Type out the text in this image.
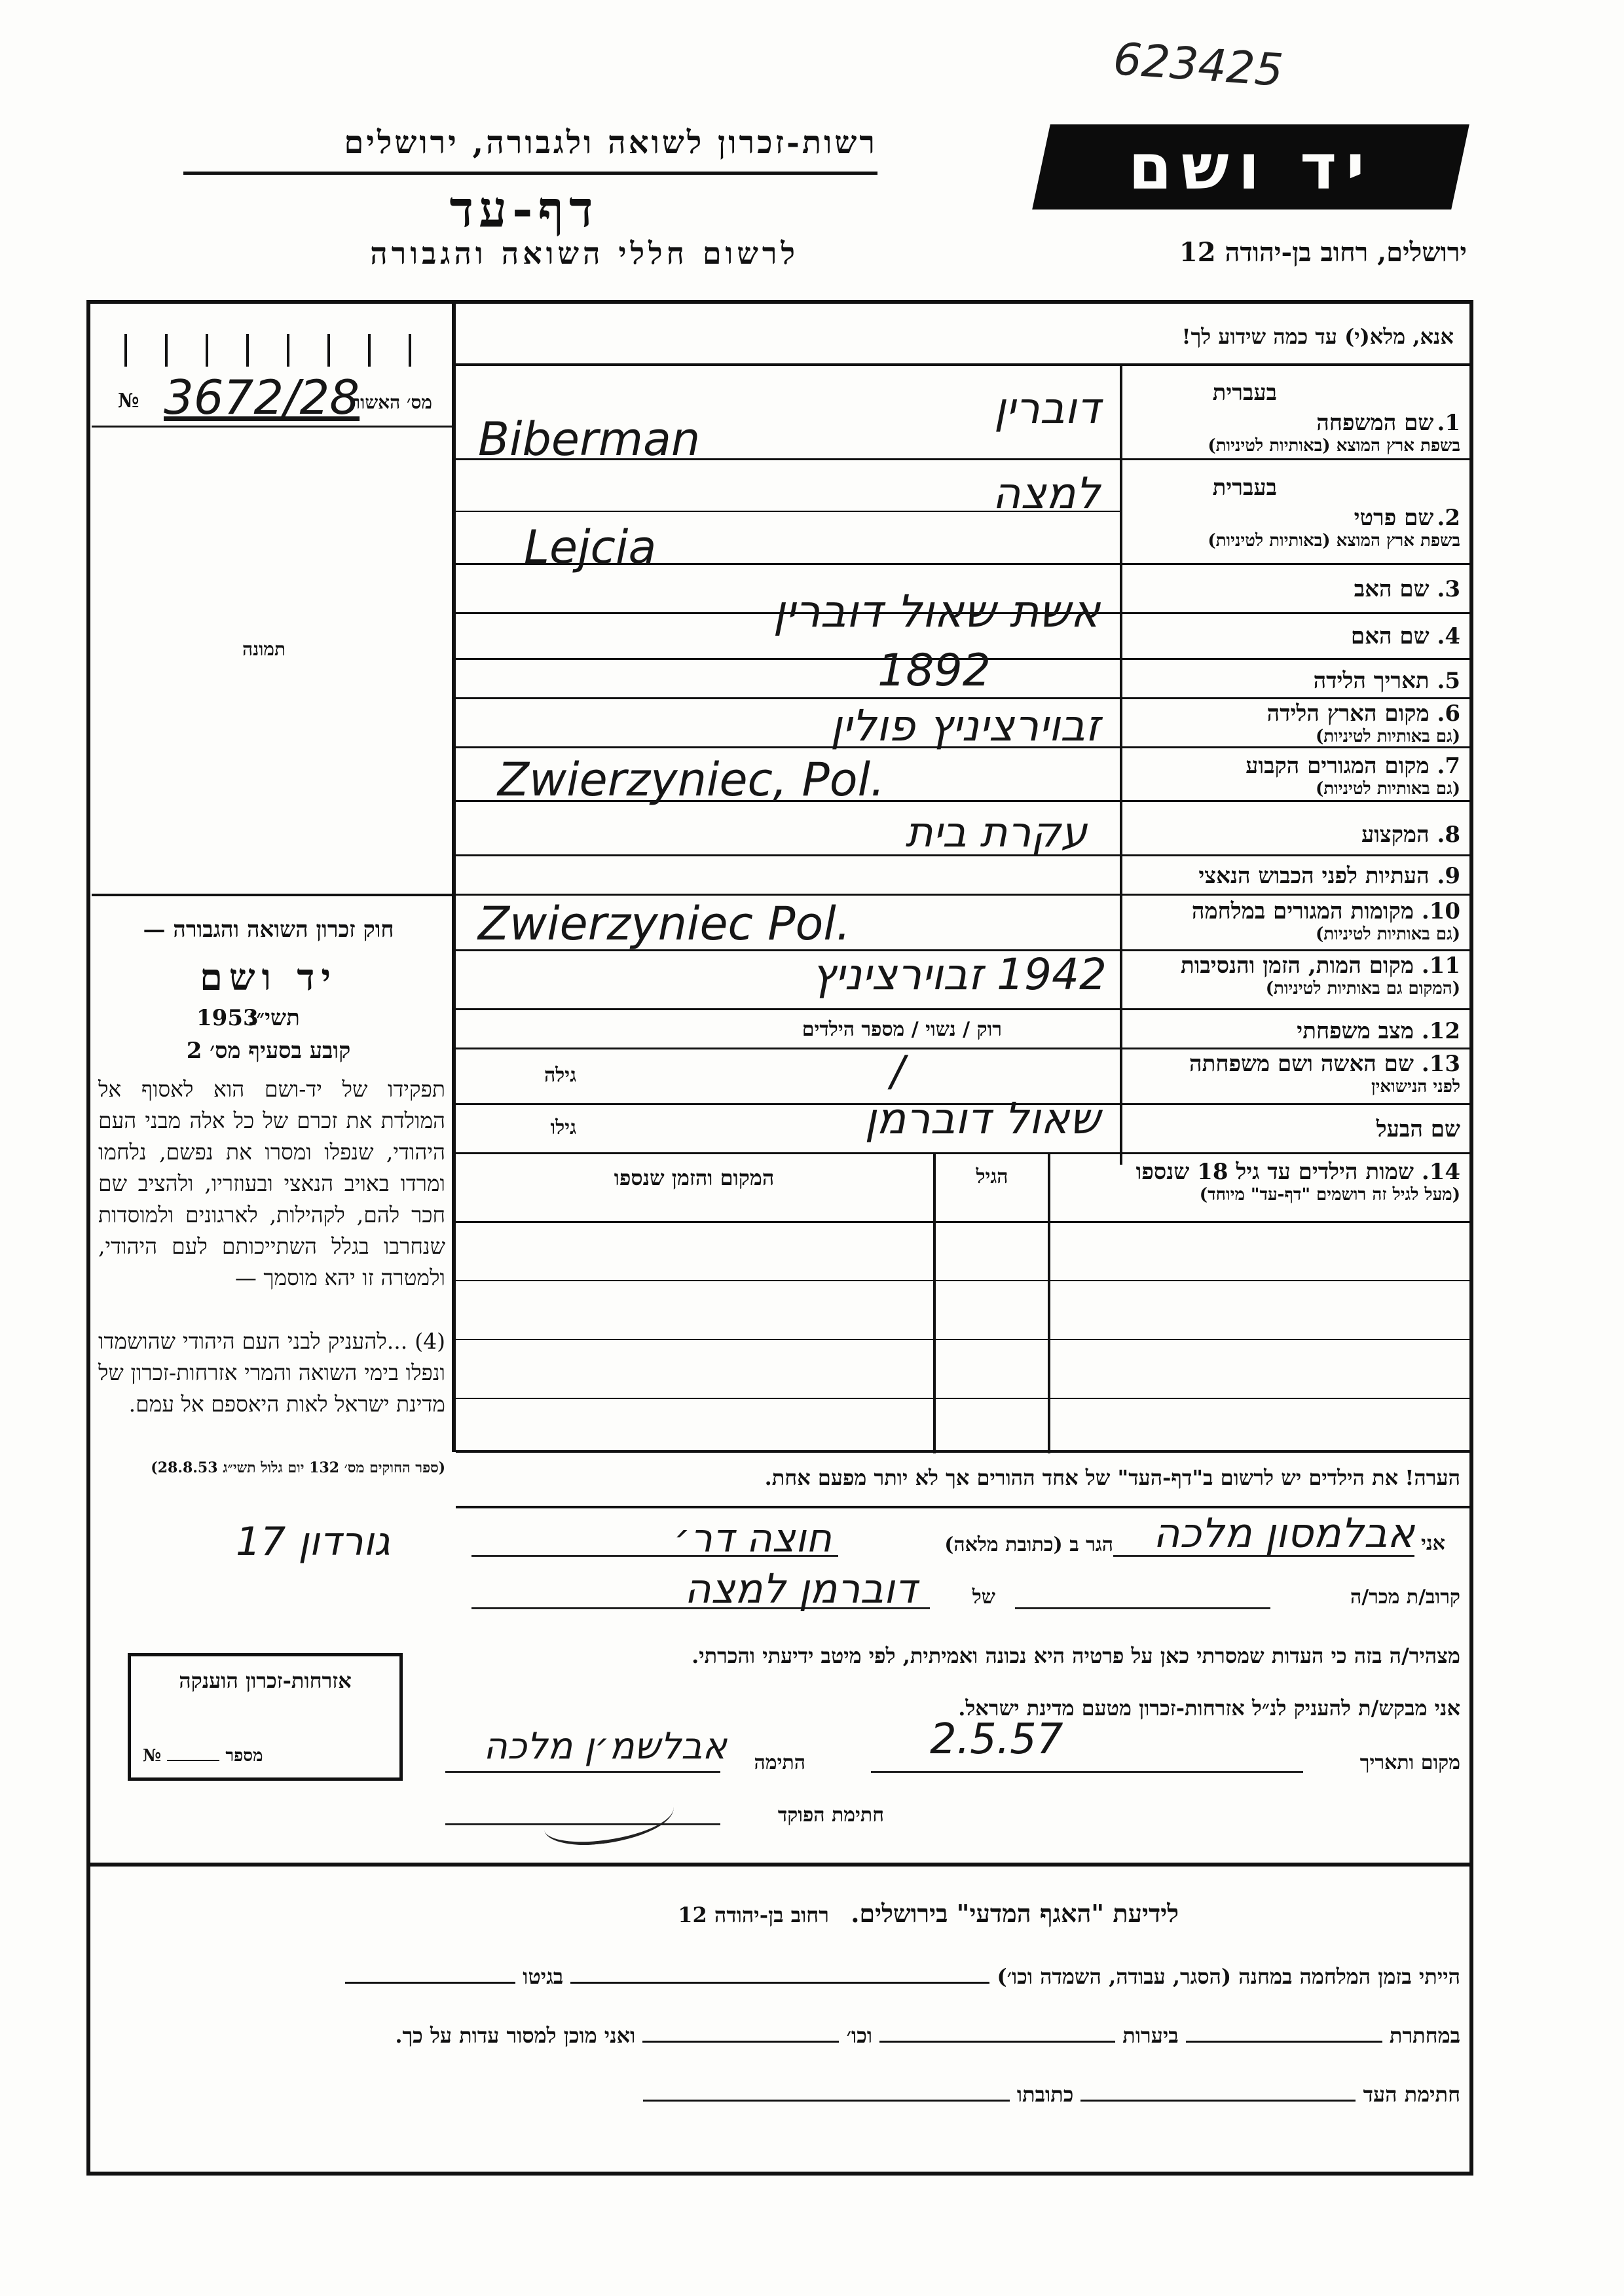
623425
רשות-זכרון לשואה ולגבורה, ירושלים
דף-עד
לרשום חללי השואה והגבורה
יד ושם
ירושלים, רחוב בן-יהודה 12
מס׳ האשור
№ 3672/28
תמונה
חוק זכרון השואה והגבורה —
יד ושם
תשי״ג
1953
קובע בסעיף מס׳ 2
תפקידו של יד-ושם הוא לאסוף אל המולדת את זכרם של כל אלה מבני העם היהודי, שנפלו ומסרו את נפשם, נלחמו ומרדו באויב הנאצי ובעוזריו, ולהציב שם חכר להם, לקהילות, לארגונים ולמוסדות שנחרבו בגלל השתייכותם לעם היהודי, ולמטרה זו יהא מוסמך —
(4) ...להעניק לבני העם היהודי שהושמדו ונפלו בימי השואה והמרי אזרחות-זכרון של מדינת ישראל לאות היאספם אל עמם.
(ספר החוקים מס׳ 132 יום גלול תשי״ג 28.8.53)
אנא, מלא(י) עד כמה שידוע לך!
בעברית
1. שם המשפחה
בשפת ארץ המוצא (באותיות לטיניות)
דוברין
Biberman
בעברית
2. שם פרטי
בשפת ארץ המוצא (באותיות לטיניות)
למצה
Lejcia
3. שם האב
4. שם האם
אשת שאול דוברין
5. תאריך הלידה
1892
6. מקום הארץ הלידה
(גם באותיות לטיניות)
זבוירציניץ פולין
7. מקום המגורים הקבוע
(גם באותיות לטיניות)
Zwierzyniec, Pol.
8. המקצוע
עקרת בית
9. העתיות לפני הכבוש הנאצי
10. מקומות המגורים במלחמה
(גם באותיות לטיניות)
Zwierzyniec Pol.
11. מקום המות, הזמן והנסיבות
(המקום גם באותיות לטיניות)
1942 זבוירציניץ
12. מצב משפחתי
רוק / נשוי / מספר הילדים
/	13. שם האשה ושם משפחתה
לפני הנישואין
גילה
שם הבעל
שאול דוברמן
גילו
14. שמות הילדים עד גיל 18 שנספו
(מעל לגיל זה רושמים "דף-עד" מיוחד)
הגיל
המקום והזמן שנספו
הערה! את הילדים יש לרשום ב"דף-העד" של אחד ההורים אך לא יותר מפעם אחת.
אני
אבלמסון מלכה
הגר ב (כתובת מלאה)
חוצה דר׳
גורדון 17
קרוב/ת מכר/ה
של
דוברמן למצה
מצהיר/ה בזה כי העדות שמסרתי כאן על פרטיה היא נכונה ואמיתית, לפי מיטב ידיעתי והכרתי.
אני מבקש/ת להעניק לנ״ל אזרחות-זכרון מטעם מדינת ישראל.
מקום ותאריך
2.5.57
התימה
אבלשמ׳ן מלכה
חתימת הפוקד
אזרחות-זכרון הוענקה
№	מספר
לידיעת "האגף המדעי" בירושלים. רחוב בן-יהודה 12
הייתי בזמן המלחמה במחנה (הסגר, עבודה, השמדה וכו׳)  בגיטו
במחתרת  ביערות  וכו׳  ואני מוכן למסור עדות על כך.
חתימת העד  כתובתו
